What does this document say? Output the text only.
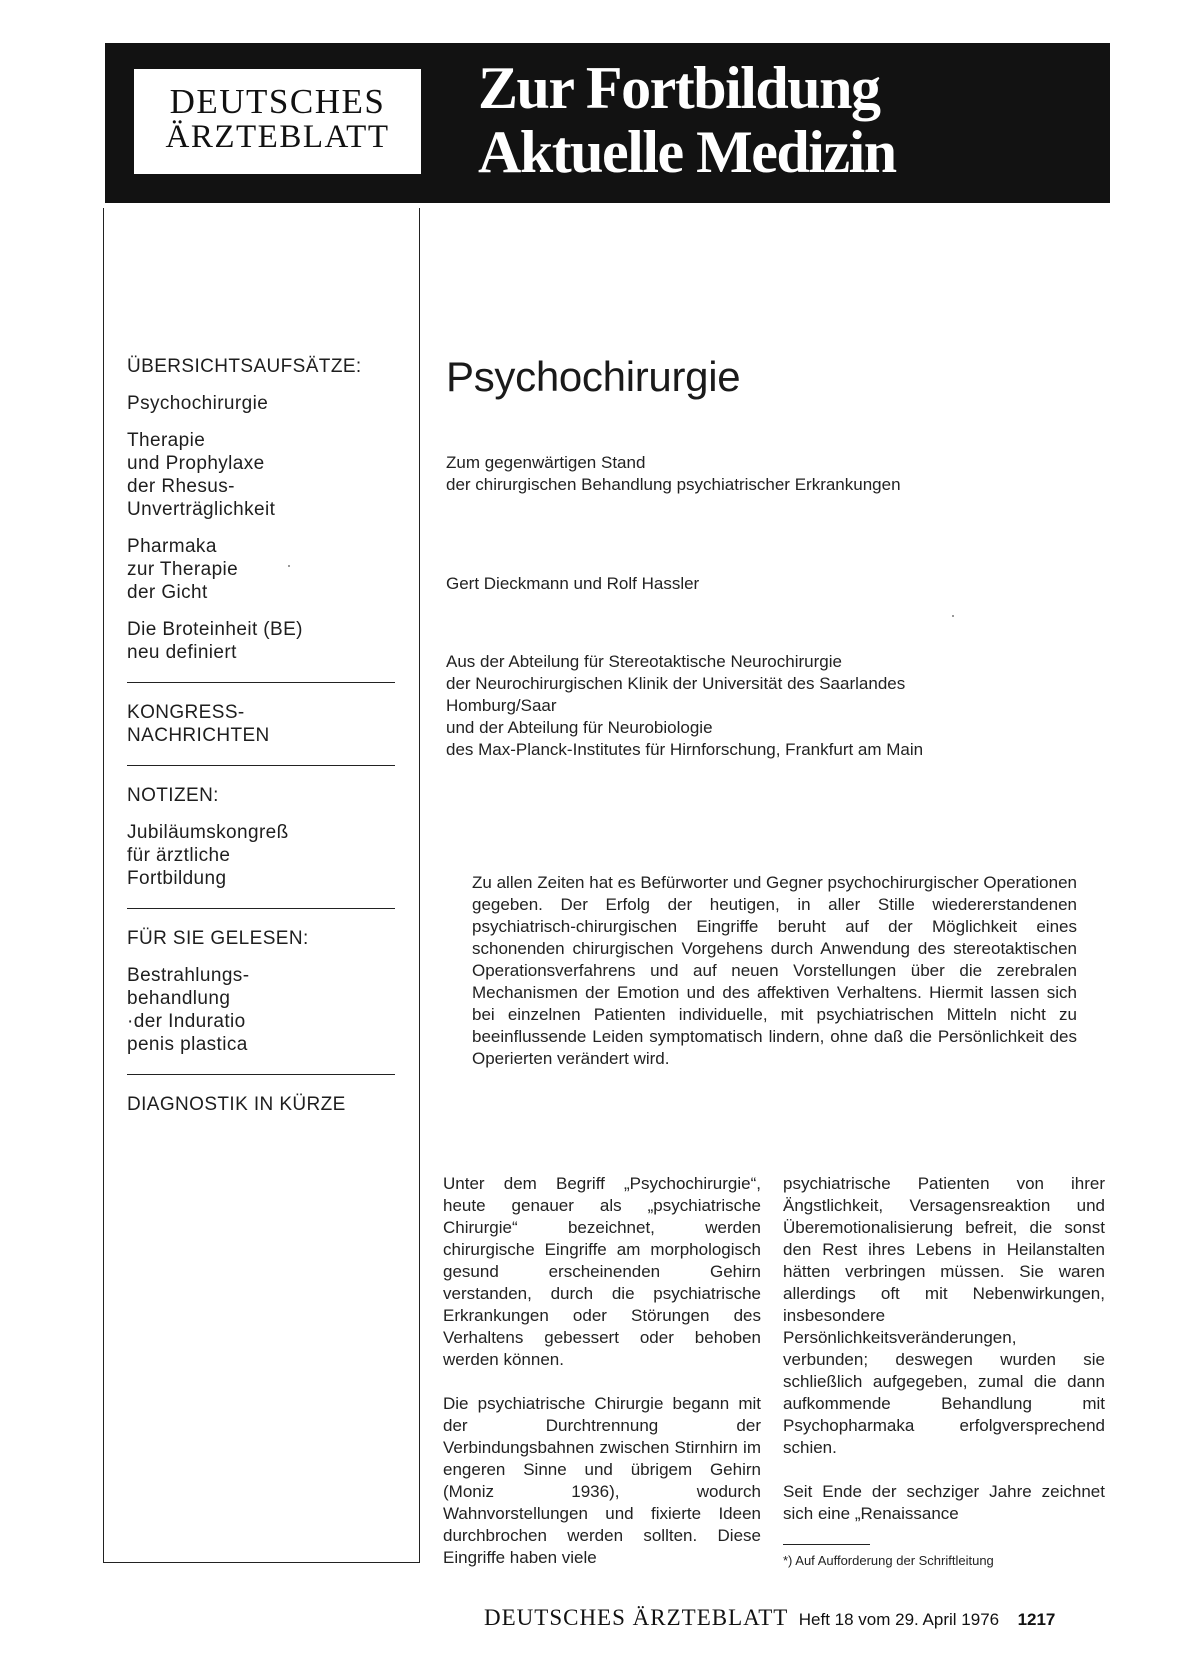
DEUTSCHES
ÄRZTEBLATT
Zur Fortbildung
Aktuelle Medizin
ÜBERSICHTSAUFSÄTZE:
Psychochirurgie
Therapie
und Prophylaxe
der Rhesus-
Unverträglichkeit
Pharmaka
zur Therapie
der Gicht
Die Broteinheit (BE)
neu definiert
KONGRESS-
NACHRICHTEN
NOTIZEN:
Jubiläumskongreß
für ärztliche
Fortbildung
FÜR SIE GELESEN:
Bestrahlungs-
behandlung
·der Induratio
penis plastica
DIAGNOSTIK IN KÜRZE
Psychochirurgie
Zum gegenwärtigen Stand
der chirurgischen Behandlung psychiatrischer Erkrankungen
Gert Dieckmann und Rolf Hassler
Aus der Abteilung für Stereotaktische Neurochirurgie
der Neurochirurgischen Klinik der Universität des Saarlandes
Homburg/Saar
und der Abteilung für Neurobiologie
des Max-Planck-Institutes für Hirnforschung, Frankfurt am Main
Zu allen Zeiten hat es Befürworter und Gegner psychochirurgischer Operationen gegeben. Der Erfolg der heutigen, in aller Stille wiedererstandenen psychiatrisch-chirurgischen Eingriffe beruht auf der Möglichkeit eines schonenden chirurgischen Vorgehens durch Anwendung des stereotaktischen Operationsverfahrens und auf neuen Vorstellungen über die zerebralen Mechanismen der Emotion und des affektiven Verhaltens. Hiermit lassen sich bei einzelnen Patienten individuelle, mit psychiatrischen Mitteln nicht zu beeinflussende Leiden symptomatisch lindern, ohne daß die Persönlichkeit des Operierten verändert wird.

Unter dem Begriff „Psychochirurgie“, heute genauer als „psychiatrische Chirurgie“ bezeichnet, werden chirurgische Eingriffe am morphologisch gesund erscheinenden Gehirn verstanden, durch die psychiatrische Erkrankungen oder Störungen des Verhaltens gebessert oder behoben werden können.

Die psychiatrische Chirurgie begann mit der Durchtrennung der Verbindungsbahnen zwischen Stirnhirn im engeren Sinne und übrigem Gehirn (Moniz 1936), wodurch Wahnvorstellungen und fixierte Ideen durchbrochen werden sollten. Diese Eingriffe haben viele

psychiatrische Patienten von ihrer Ängstlichkeit, Versagensreaktion und Überemotionalisierung befreit, die sonst den Rest ihres Lebens in Heilanstalten hätten verbringen müssen. Sie waren allerdings oft mit Nebenwirkungen, insbesondere Persönlichkeitsveränderungen, verbunden; deswegen wurden sie schließlich aufgegeben, zumal die dann aufkommende Behandlung mit Psychopharmaka erfolgversprechend schien.

Seit Ende der sechziger Jahre zeichnet sich eine „Renaissance

*) Auf Aufforderung der Schriftleitung
DEUTSCHES ÄRZTEBLATT Heft 18 vom 29. April 1976 1217
